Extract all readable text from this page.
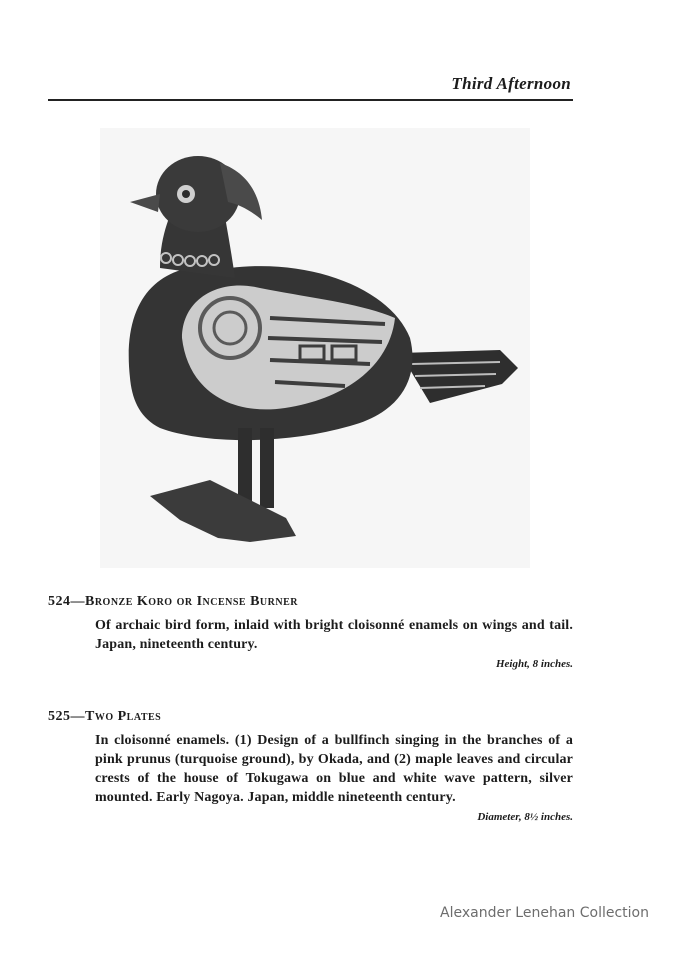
Third Afternoon
524—Bronze Koro or Incense Burner
Of archaic bird form, inlaid with bright cloisonné enamels on wings and tail. Japan, nineteenth century.
Height, 8 inches.
525—Two Plates
In cloisonné enamels. (1) Design of a bullfinch singing in the branches of a pink prunus (turquoise ground), by Okada, and (2) maple leaves and circular crests of the house of Tokugawa on blue and white wave pattern, silver mounted. Early Nagoya. Japan, middle nineteenth century.
Diameter, 8½ inches.
Alexander Lenehan Collection
